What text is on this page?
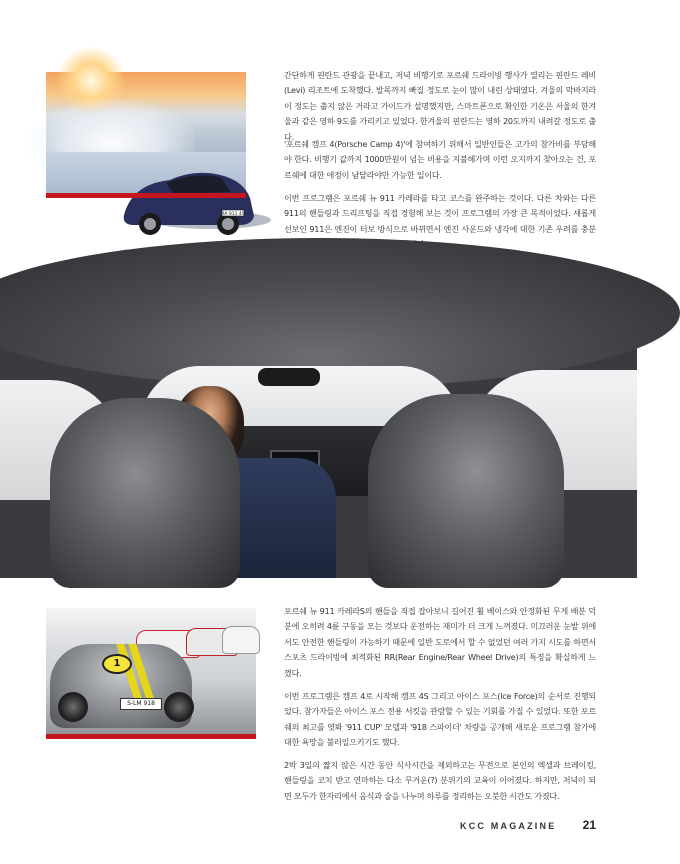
RA 911 4S

간단하게 핀란드 관광을 끝내고, 저녁 비행기로 포르쉐 드라이빙 행사가 열리는 핀란드 레비(Levi) 리조트에 도착했다. 발목까지 빠질 정도로 눈이 많이 내린 상태였다. 겨울의 막바지라 이 정도는 춥지 않은 거라고 가이드가 설명했지만, 스마트폰으로 확인한 기온은 서울의 한겨울과 같은 영하 9도를 가리키고 있었다. 한겨울의 핀란드는 영하 20도까지 내려갈 정도로 춥다.

'포르쉐 캠프 4(Porsche Camp 4)'에 참여하기 위해서 일반인들은 고가의 참가비를 부담해야 한다. 비행기 값까지 1000만원이 넘는 비용을 지불해가며 이런 오지까지 찾아오는 건, 포르쉐에 대한 애정이 남달라야만 가능한 일이다.

이번 프로그램은 포르쉐 뉴 911 카레라를 타고 코스를 완주하는 것이다. 다른 차와는 다른 911의 핸들링과 드리프팅을 직접 경험해 보는 것이 프로그램의 가장 큰 목적이었다. 새롭게 선보인 911은 엔진이 터보 방식으로 바뀌면서 엔진 사운드와 냉각에 대한 기존 우려를 충분

1
S-LM 918

포르쉐 뉴 911 카레라S의 핸들을 직접 잡아보니 길어진 휠 베이스와 안정화된 무게 배분 덕분에 오히려 4륜 구동을 모는 것보다 운전하는 재미가 더 크게 느껴졌다. 미끄러운 눈밭 위에서도 안전한 핸들링이 가능하기 때문에 일반 도로에서 할 수 없었던 여러 가지 시도를 하면서 스포츠 드라이빙에 최적화된 RR(Rear Engine/Rear Wheel Drive)의 특징을 확실하게 느꼈다.

이번 프로그램은 캠프 4로 시작해 캠프 4S 그리고 아이스 포스(Ice Force)의 순서로 진행되었다. 참가자들은 아이스 포스 전용 서킷을 관람할 수 있는 기회를 가질 수 있었다. 또한 포르쉐의 최고를 엿봐 '911 CUP' 모델과 '918 스파이더' 차량을 공개해 새로운 프로그램 참가에 대한 욕망을 불러일으키기도 했다.

2박 3일의 짧지 않은 시간 동안 식사시간을 제외하고는 무전으로 본인의 엑셀과 브레이킹, 핸들링을 코치 받고 연마하는 다소 무거운(?) 분위기의 교육이 이어졌다. 하지만, 저녁이 되면 모두가 한자리에서 음식과 술을 나누며 하루를 정리하는 오붓한 시간도 가졌다.

KCC MAGAZINE 21
